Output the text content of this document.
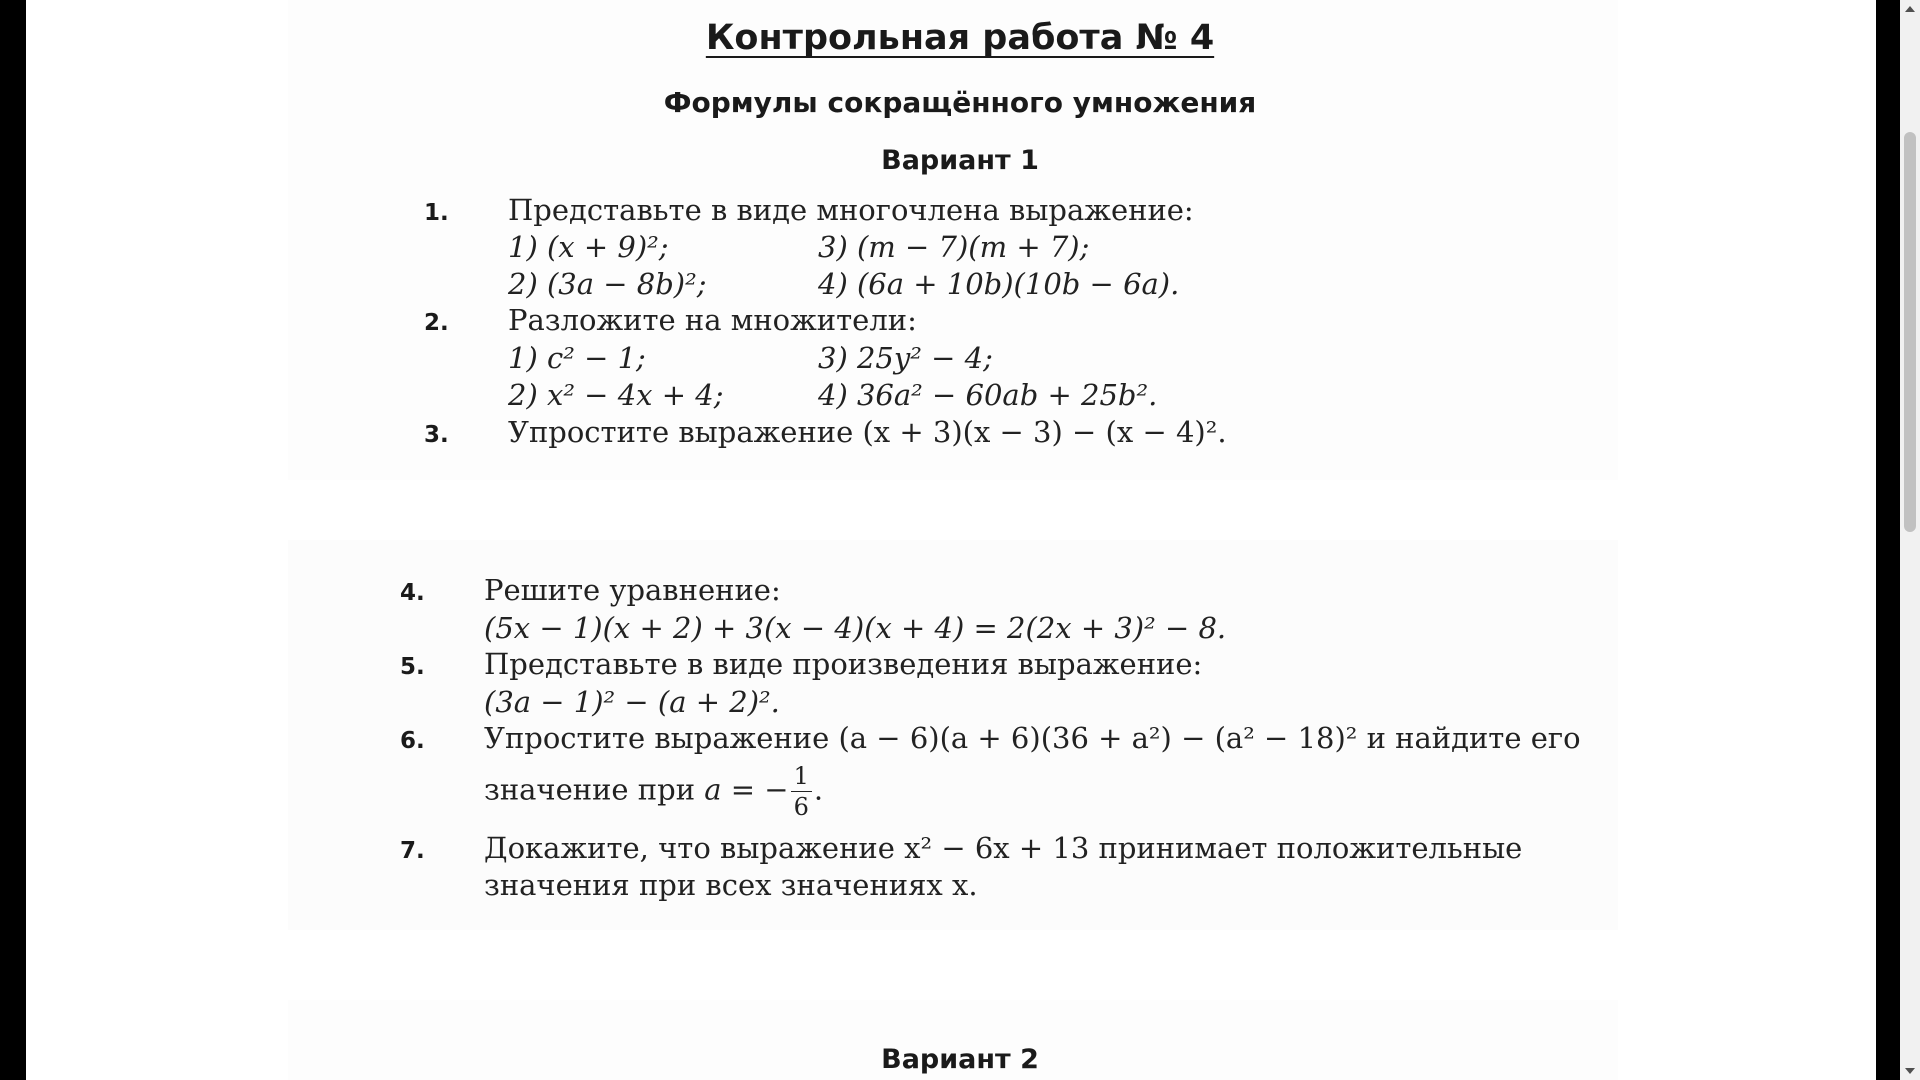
Контрольная работа № 4
Формулы сокращённого умножения
Вариант 1
1. Представьте в виде многочлена выражение:
1) (x + 9)²;	3) (m − 7)(m + 7);
2) (3a − 8b)²;	4) (6a + 10b)(10b − 6a).
2. Разложите на множители:
1) c² − 1;	3) 25y² − 4;
2) x² − 4x + 4;	4) 36a² − 60ab + 25b².
3. Упростите выражение (x + 3)(x − 3) − (x − 4)².
4. Решите уравнение:
(5x − 1)(x + 2) + 3(x − 4)(x + 4) = 2(2x + 3)² − 8.
5. Представьте в виде произведения выражение:
(3a − 1)² − (a + 2)².
6. Упростите выражение (a − 6)(a + 6)(36 + a²) − (a² − 18)² и найдите его
значение при a = − $\frac{1}{6}$ .
7. Докажите, что выражение x² − 6x + 13 принимает положительные
значения при всех значениях x.
Вариант 2
